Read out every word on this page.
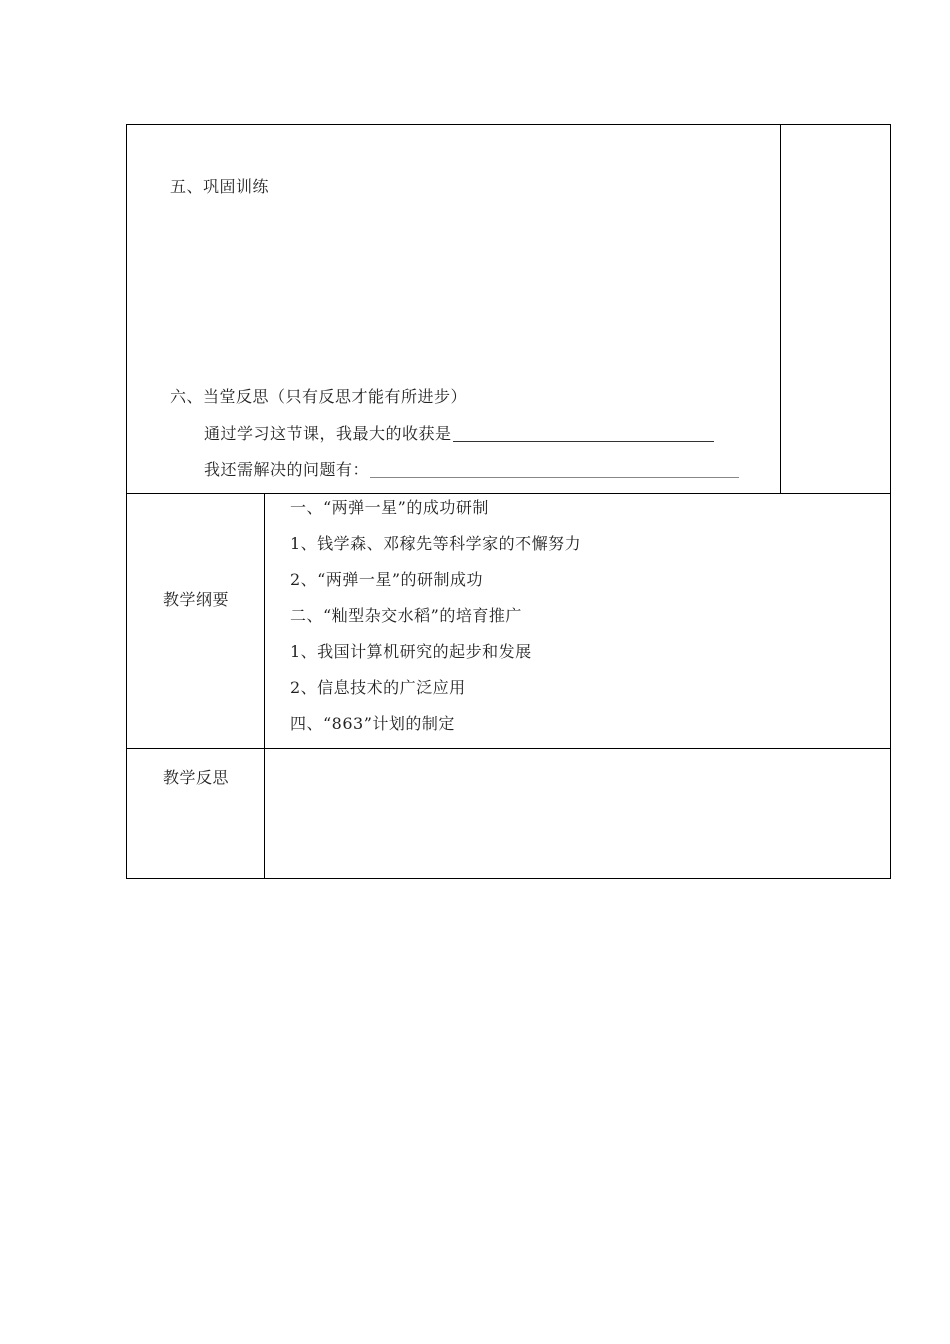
五、巩固训练
六、当堂反思（只有反思才能有所进步）
通过学习这节课，我最大的收获是
我还需解决的问题有：
教学纲要
一、“两弹一星”的成功研制
1、钱学森、邓稼先等科学家的不懈努力
2、“两弹一星”的研制成功
二、“籼型杂交水稻”的培育推广
1、我国计算机研究的起步和发展
2、信息技术的广泛应用
四、“863”计划的制定
教学反思
